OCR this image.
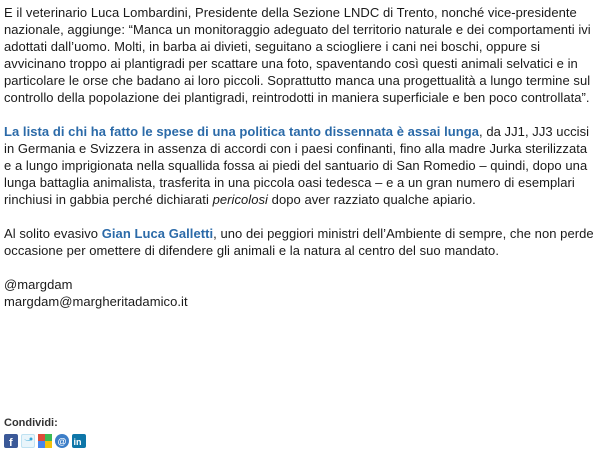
E il veterinario Luca Lombardini, Presidente della Sezione LNDC di Trento, nonché vice-presidente nazionale, aggiunge: “Manca un monitoraggio adeguato del territorio naturale e dei comportamenti ivi adottati dall’uomo. Molti, in barba ai divieti, seguitano a sciogliere i cani nei boschi, oppure si avvicinano troppo ai plantigradi per scattare una foto, spaventando così questi animali selvatici e in particolare le orse che badano ai loro piccoli. Soprattutto manca una progettualità a lungo termine sul controllo della popolazione dei plantigradi, reintrodotti in maniera superficiale e ben poco controllata”.

La lista di chi ha fatto le spese di una politica tanto dissennata è assai lunga, da JJ1, JJ3 uccisi in Germania e Svizzera in assenza di accordi con i paesi confinanti, fino alla madre Jurka sterilizzata e a lungo imprigionata nella squallida fossa ai piedi del santuario di San Romedio – quindi, dopo una lunga battaglia animalista, trasferita in una piccola oasi tedesca – e a un gran numero di esemplari rinchiusi in gabbia perché dichiarati pericolosi dopo aver razziato qualche apiario.

Al solito evasivo Gian Luca Galletti, uno dei peggiori ministri dell’Ambiente di sempre, che non perde occasione per omettere di difendere gli animali e la natura al centro del suo mandato.

@margdam
margdam@margheritadamico.it

Condividi:
f	@ in
